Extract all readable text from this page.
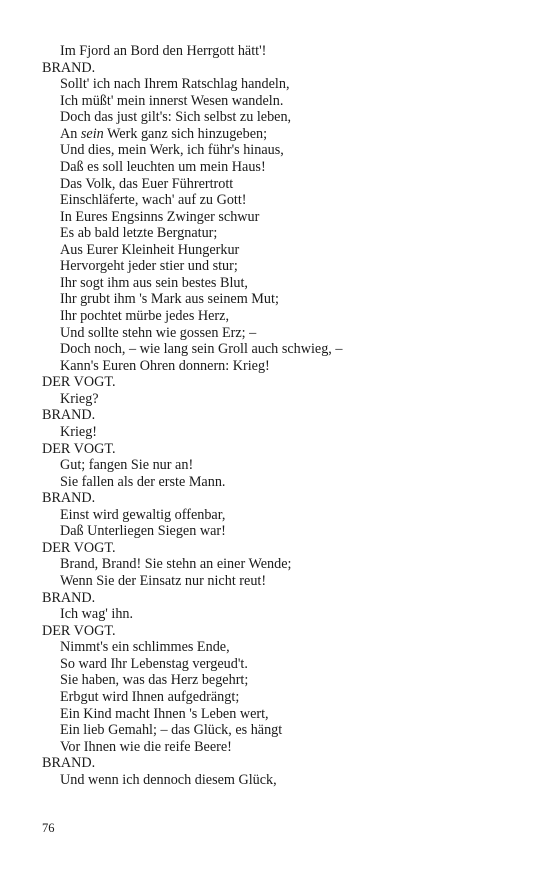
Im Fjord an Bord den Herrgott hätt'!
BRAND.
Sollt' ich nach Ihrem Ratschlag handeln,
Ich müßt' mein innerst Wesen wandeln.
Doch das just gilt's: Sich selbst zu leben,
An sein Werk ganz sich hinzugeben;
Und dies, mein Werk, ich führ's hinaus,
Daß es soll leuchten um mein Haus!
Das Volk, das Euer Führertrott
Einschläferte, wach' auf zu Gott!
In Eures Engsinns Zwinger schwur
Es ab bald letzte Bergnatur;
Aus Eurer Kleinheit Hungerkur
Hervorgeht jeder stier und stur;
Ihr sogt ihm aus sein bestes Blut,
Ihr grubt ihm 's Mark aus seinem Mut;
Ihr pochtet mürbe jedes Herz,
Und sollte stehn wie gossen Erz; –
Doch noch, – wie lang sein Groll auch schwieg, –
Kann's Euren Ohren donnern: Krieg!
DER VOGT.
Krieg?
BRAND.
Krieg!
DER VOGT.
Gut; fangen Sie nur an!
Sie fallen als der erste Mann.
BRAND.
Einst wird gewaltig offenbar,
Daß Unterliegen Siegen war!
DER VOGT.
Brand, Brand! Sie stehn an einer Wende;
Wenn Sie der Einsatz nur nicht reut!
BRAND.
Ich wag' ihn.
DER VOGT.
Nimmt's ein schlimmes Ende,
So ward Ihr Lebenstag vergeud't.
Sie haben, was das Herz begehrt;
Erbgut wird Ihnen aufgedrängt;
Ein Kind macht Ihnen 's Leben wert,
Ein lieb Gemahl; – das Glück, es hängt
Vor Ihnen wie die reife Beere!
BRAND.
Und wenn ich dennoch diesem Glück,
76
